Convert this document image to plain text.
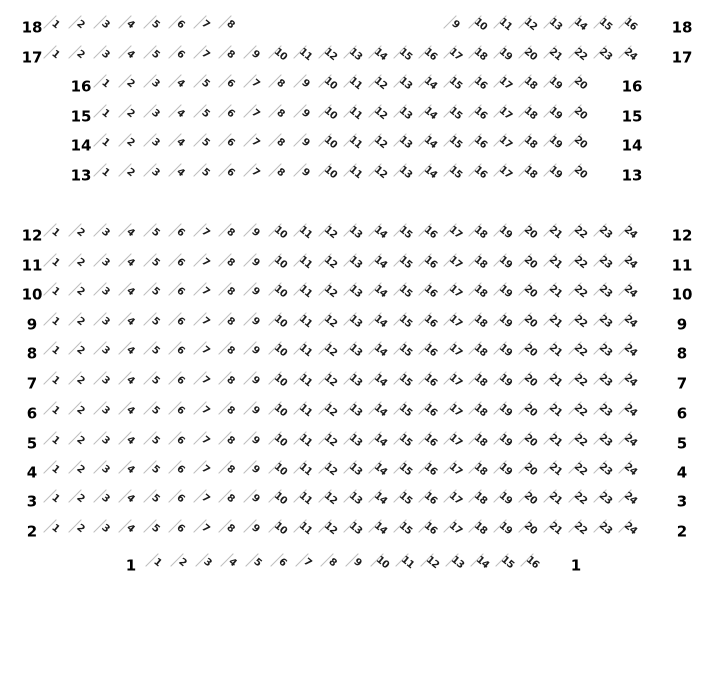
18	18
1 2 3 4 5 6 7 8	9 10 11 12 13 14 15 16
17	17
1 2 3 4 5 6 7 8 9 10 11 12 13 14 15 16 17 18 19 20 21 22 23 24
16	16
1 2 3 4 5 6 7 8 9 10 11 12 13 14 15 16 17 18 19 20
15	15
1 2 3 4 5 6 7 8 9 10 11 12 13 14 15 16 17 18 19 20
14	14
1 2 3 4 5 6 7 8 9 10 11 12 13 14 15 16 17 18 19 20
13	13
1 2 3 4 5 6 7 8 9 10 11 12 13 14 15 16 17 18 19 20
12	12
1 2 3 4 5 6 7 8 9 10 11 12 13 14 15 16 17 18 19 20 21 22 23 24
11	11
1 2 3 4 5 6 7 8 9 10 11 12 13 14 15 16 17 18 19 20 21 22 23 24
10	10
1 2 3 4 5 6 7 8 9 10 11 12 13 14 15 16 17 18 19 20 21 22 23 24
9	9
1 2 3 4 5 6 7 8 9 10 11 12 13 14 15 16 17 18 19 20 21 22 23 24
8	8
1 2 3 4 5 6 7 8 9 10 11 12 13 14 15 16 17 18 19 20 21 22 23 24
7	7
1 2 3 4 5 6 7 8 9 10 11 12 13 14 15 16 17 18 19 20 21 22 23 24
6	6
1 2 3 4 5 6 7 8 9 10 11 12 13 14 15 16 17 18 19 20 21 22 23 24
5	5
1 2 3 4 5 6 7 8 9 10 11 12 13 14 15 16 17 18 19 20 21 22 23 24
4	4
1 2 3 4 5 6 7 8 9 10 11 12 13 14 15 16 17 18 19 20 21 22 23 24
3	3
1 2 3 4 5 6 7 8 9 10 11 12 13 14 15 16 17 18 19 20 21 22 23 24
2	2
1 2 3 4 5 6 7 8 9 10 11 12 13 14 15 16 17 18 19 20 21 22 23 24
1	1
1 2 3 4 5 6 7 8 9 10 11 12 13 14 15 16
